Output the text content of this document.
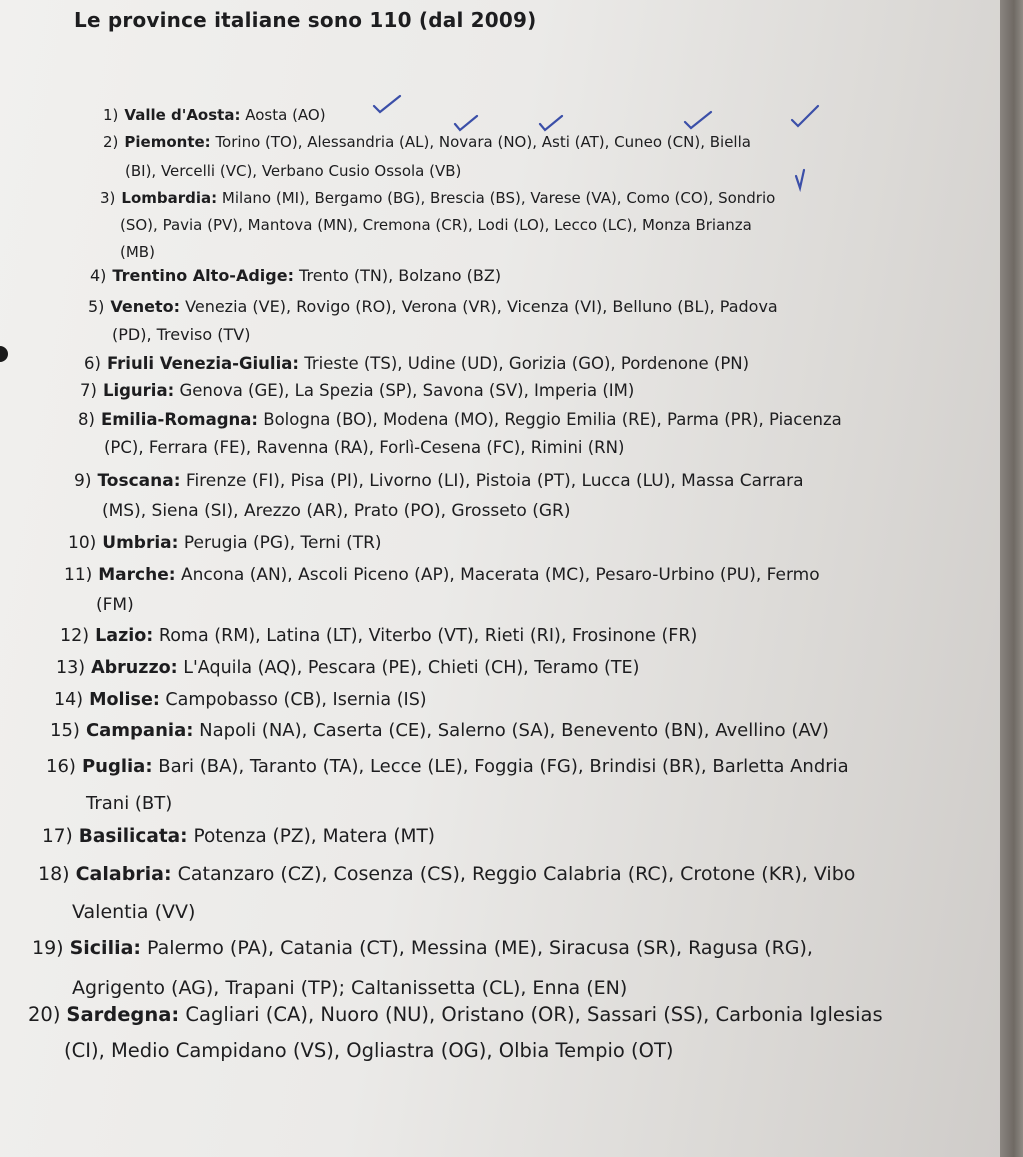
Le province italiane sono 110 (dal 2009)
1) Valle d'Aosta: Aosta (AO)
2) Piemonte: Torino (TO), Alessandria (AL), Novara (NO), Asti (AT), Cuneo (CN), Biella
(BI), Vercelli (VC), Verbano Cusio Ossola (VB)
3) Lombardia: Milano (MI), Bergamo (BG), Brescia (BS), Varese (VA), Como (CO), Sondrio
(SO), Pavia (PV), Mantova (MN), Cremona (CR), Lodi (LO), Lecco (LC), Monza Brianza
(MB)
4) Trentino Alto-Adige: Trento (TN), Bolzano (BZ)
5) Veneto: Venezia (VE), Rovigo (RO), Verona (VR), Vicenza (VI), Belluno (BL), Padova
(PD), Treviso (TV)
6) Friuli Venezia-Giulia: Trieste (TS), Udine (UD), Gorizia (GO), Pordenone (PN)
7) Liguria: Genova (GE), La Spezia (SP), Savona (SV), Imperia (IM)
8) Emilia-Romagna: Bologna (BO), Modena (MO), Reggio Emilia (RE), Parma (PR), Piacenza
(PC), Ferrara (FE), Ravenna (RA), Forlì-Cesena (FC), Rimini (RN)
9) Toscana: Firenze (FI), Pisa (PI), Livorno (LI), Pistoia (PT), Lucca (LU), Massa Carrara
(MS), Siena (SI), Arezzo (AR), Prato (PO), Grosseto (GR)
10) Umbria: Perugia (PG), Terni (TR)
11) Marche: Ancona (AN), Ascoli Piceno (AP), Macerata (MC), Pesaro-Urbino (PU), Fermo
(FM)
12) Lazio: Roma (RM), Latina (LT), Viterbo (VT), Rieti (RI), Frosinone (FR)
13) Abruzzo: L'Aquila (AQ), Pescara (PE), Chieti (CH), Teramo (TE)
14) Molise: Campobasso (CB), Isernia (IS)
15) Campania: Napoli (NA), Caserta (CE), Salerno (SA), Benevento (BN), Avellino (AV)
16) Puglia: Bari (BA), Taranto (TA), Lecce (LE), Foggia (FG), Brindisi (BR), Barletta Andria
Trani (BT)
17) Basilicata: Potenza (PZ), Matera (MT)
18) Calabria: Catanzaro (CZ), Cosenza (CS), Reggio Calabria (RC), Crotone (KR), Vibo
Valentia (VV)
19) Sicilia: Palermo (PA), Catania (CT), Messina (ME), Siracusa (SR), Ragusa (RG),
Agrigento (AG), Trapani (TP); Caltanissetta (CL), Enna (EN)
20) Sardegna: Cagliari (CA), Nuoro (NU), Oristano (OR), Sassari (SS), Carbonia Iglesias
(CI), Medio Campidano (VS), Ogliastra (OG), Olbia Tempio (OT)
